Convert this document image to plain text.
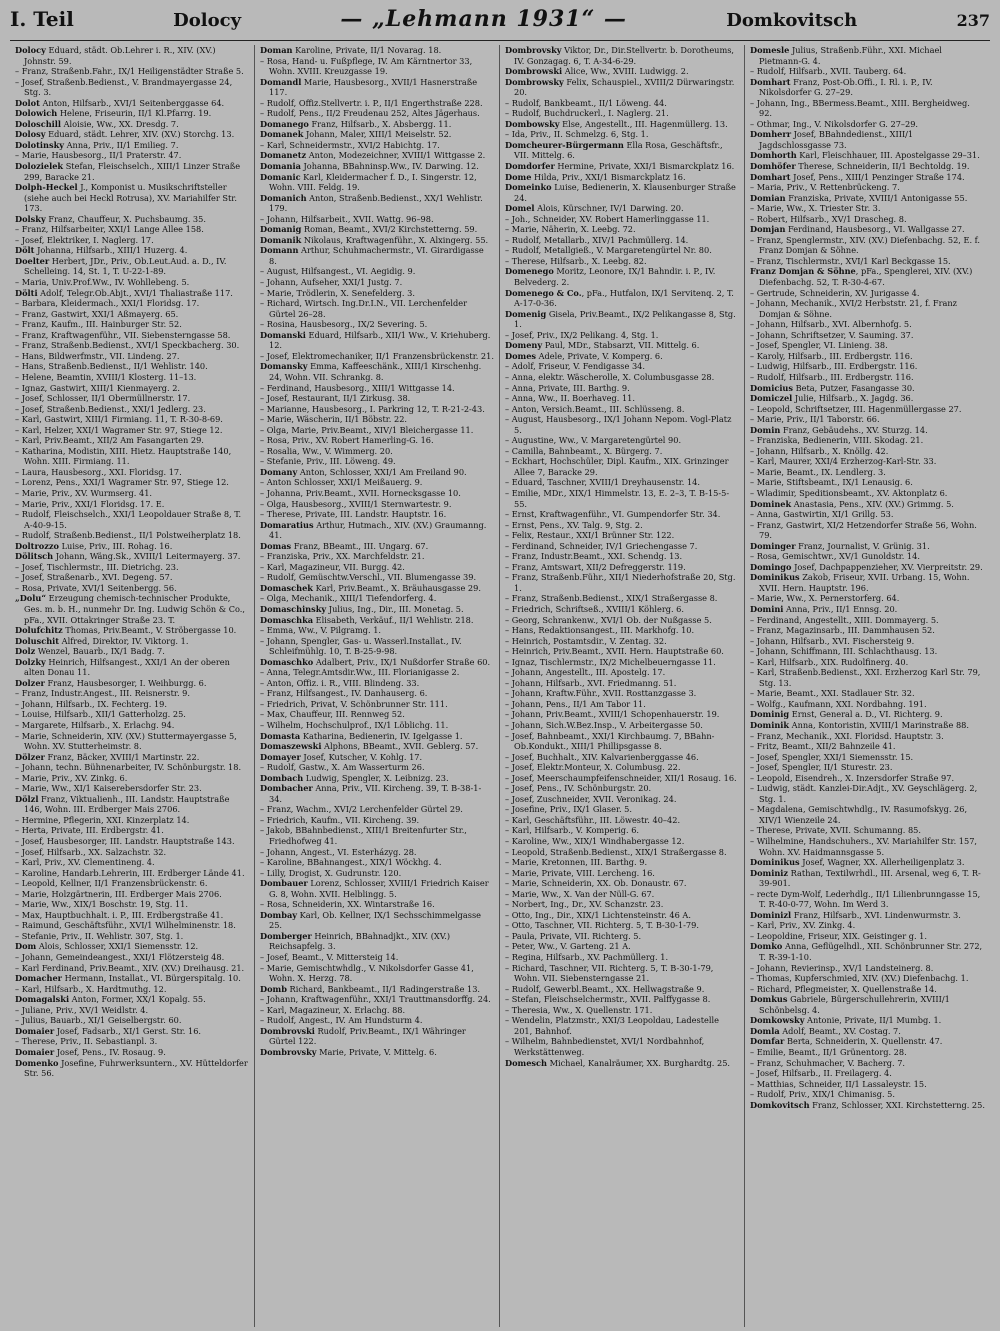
I. Teil	Dolocy	— „Lehmann 1931“ —	Domkovitsch	237

Dolocy Eduard, städt. Ob.Lehrer i. R., XIV. (XV.) Johnstr. 59.

– Franz, Straßenb.Fahr., IX/1 Heiligenstädter Straße 5.

– Josef, Straßenb.Bedienst., V. Brandmayergasse 24, Stg. 3.

Dolot Anton, Hilfsarb., XVI/1 Seitenberggasse 64.

Dolowich Helene, Friseurin, II/1 Kl.Pfarrg. 19.

Doloschill Aloisie, Ww., XX. Dresdg. 7.

Dolosy Eduard, städt. Lehrer, XIV. (XV.) Storchg. 13.

Dolotinsky Anna, Priv., II/1 Emilieg. 7.

– Marie, Hausbesorg., II/1 Praterstr. 47.

Dolozielek Stefan, Fleischselch., XIII/1 Linzer Straße 299, Baracke 21.

Dolph-Heckel J., Komponist u. Musikschriftsteller (siehe auch bei Heckl Rotrusa), XV. Mariahilfer Str. 173.

Dolsky Franz, Chauffeur, X. Puchsbaumg. 35.

– Franz, Hilfsarbeiter, XXI/1 Lange Allee 158.

– Josef, Elektriker, I. Naglerg. 17.

Dölt Johanna, Hilfsarb., XIII/1 Huzerg. 4.

Doelter Herbert, JDr., Priv., Ob.Leut.Aud. a. D., IV. Schelleing. 14, St. 1, T. U-22-1-89.

– Maria, Univ.Prof.Ww., IV. Wohllebeng. 5.

Dölti Adolf, Telegr.Ob.Abjt., XVI/1 Thaliastraße 117.

– Barbara, Kleidermach., XXI/1 Floridsg. 17.

– Franz, Gastwirt, XXI/1 Aßmayerg. 65.

– Franz, Kaufm., III. Hainburger Str. 52.

– Franz, Kraftwagenführ., VII. Siebensterngasse 58.

– Franz, Straßenb.Bedienst., XVI/1 Speckbacherg. 30.

– Hans, Bildwerfmstr., VII. Lindeng. 27.

– Hans, Straßenb.Bedienst., II/1 Wehlistr. 140.

– Helene, Beamtin, XVIII/1 Klosterg. 11–13.

– Ignaz, Gastwirt, XIII/1 Kienmayerg. 2.

– Josef, Schlosser, II/1 Obermüllnerstr. 17.

– Josef, Straßenb.Bedienst., XXI/1 Jedlerg. 23.

– Karl, Gastwirt, XIII/1 Firmiang. 11, T. R-30-8-69.

– Karl, Helzer, XXI/1 Wagramer Str. 97, Stiege 12.

– Karl, Priv.Beamt., XII/2 Am Fasangarten 29.

– Katharina, Modistin, XIII. Hietz. Hauptstraße 140, Wohn. XIII. Firmiang. 11.

– Laura, Hausbesorg., XXI. Floridsg. 17.

– Lorenz, Pens., XXI/1 Wagramer Str. 97, Stiege 12.

– Marie, Priv., XV. Wurmserg. 41.

– Marie, Priv., XXI/1 Floridsg. 17. E.

– Rudolf, Fleischselch., XXI/1 Leopoldauer Straße 8, T. A-40-9-15.

– Rudolf, Straßenb.Bedienst., II/1 Polstweiherplatz 18.

Doltrozzo Luise, Priv., III. Rohag. 16.

Dölitsch Johann, Wäng.Sk., XVIII/1 Leitermayerg. 37.

– Josef, Tischlermstr., III. Dietrichg. 23.

– Josef, Straßenarb., XVI. Degeng. 57.

– Rosa, Private, XVI/1 Seitenbergg. 56.

„Dolu“ Erzeugung chemisch-technischer Produkte, Ges. m. b. H., nunmehr Dr. Ing. Ludwig Schön & Co., pFa., XVII. Ottakringer Straße 23. T.

Dolufchitz Thomas, Priv.Beamt., V. Ströbergasse 10.

Doluschit Alfred, Direktor, IV. Viktorg. 1.

Dolz Wenzel, Bauarb., IX/1 Badg. 7.

Dolzky Heinrich, Hilfsangest., XXI/1 An der oberen alten Donau 11.

Dolzer Franz, Hausbesorger, I. Weihburgg. 6.

– Franz, Industr.Angest., III. Reisnerstr. 9.

– Johann, Hilfsarb., IX. Fechterg. 19.

– Louise, Hilfsarb., XII/1 Gatterholzg. 25.

– Margarete, Hilfsarb., X. Erlachg. 94.

– Marie, Schneiderin, XIV. (XV.) Stuttermayergasse 5, Wohn. XV. Stutterheimstr. 8.

Dölzer Franz, Bäcker, XVIII/1 Martinstr. 22.

– Johann, techn. Bühnenarbeiter, IV. Schönburgstr. 18.

– Marie, Priv., XV. Zinkg. 6.

– Marie, Ww., XI/1 Kaiserebersdorfer Str. 23.

Dölzl Franz, Viktualienh., III. Landstr. Hauptstraße 146, Wohn. III. Erdberger Mais 2706.

– Hermine, Pflegerin, XXI. Kinzerplatz 14.

– Herta, Private, III. Erdbergstr. 41.

– Josef, Hausbesorger, III. Landstr. Hauptstraße 143.

– Josef, Hilfsarb., XX. Salzachstr. 32.

– Karl, Priv., XV. Clementineng. 4.

– Karoline, Handarb.Lehrerin, III. Erdberger Lände 41.

– Leopold, Kellner, II/1 Franzensbrückenstr. 6.

– Marie, Holzgärtnerin, III. Erdberger Mais 2706.

– Marie, Ww., XIX/1 Boschstr. 19, Stg. 11.

– Max, Hauptbuchhalt. i. P., III. Erdbergstraße 41.

– Raimund, Geschäftsführ., XVI/1 Wilhelminenstr. 18.

– Stefanie, Priv., II. Wehlistr. 307, Stg. 1.

Dom Alois, Schlosser, XXI/1 Siemensstr. 12.

– Johann, Gemeindeangest., XXI/1 Flötzersteig 48.

– Karl Ferdinand, Priv.Beamt., XIV. (XV.) Dreihausg. 21.

Domacher Hermann, Installat., VI. Bürgerspitalg. 10.

– Karl, Hilfsarb., X. Hardtmuthg. 12.

Domagalski Anton, Former, XX/1 Kopalg. 55.

– Juliane, Priv., XV/1 Weidlstr. 4.

– Julius, Bauarb., XI/1 Geiselbergstr. 60.

Domaier Josef, Fadsarb., XI/1 Gerst. Str. 16.

– Therese, Priv., II. Sebastianpl. 3.

Domaier Josef, Pens., IV. Rosaug. 9.

Domenko Josefine, Fuhrwerksuntern., XV. Hütteldorfer Str. 56.

Doman Karoline, Private, II/1 Novarag. 18.

– Rosa, Hand- u. Fußpflege, IV. Am Kärntnertor 33, Wohn. XVIII. Kreuzgasse 19.

Domandl Marie, Hausbesorg., XVII/1 Hasnerstraße 117.

– Rudolf, Offiz.Stellvertr. i. P., II/1 Engerthstraße 228.

– Rudolf, Pens., II/2 Freudenau 252, Altes Jägerhaus.

Domanego Franz, Hilfsarb., X. Absbergg. 11.

Domanek Johann, Maler, XIII/1 Meiselstr. 52.

– Karl, Schneidermstr., XVI/2 Habichtg. 17.

Domanetz Anton, Modezeichner, XVIII/1 Wittgasse 2.

Domania Johanna, BBahninsp.Ww., IV. Darwing. 12.

Domanic Karl, Kleidermacher f. D., I. Singerstr. 12, Wohn. VIII. Feldg. 19.

Domanich Anton, Straßenb.Bedienst., XX/1 Wehlistr. 179.

– Johann, Hilfsarbeit., XVII. Wattg. 96–98.

Domanig Roman, Beamt., XVI/2 Kirchstetterng. 59.

Domanik Nikolaus, Kraftwagenführ., X. Alxingerg. 55.

Domann Arthur, Schuhmachermstr., VI. Girardigasse 8.

– August, Hilfsangest., VI. Aegidig. 9.

– Johann, Aufseher, XXI/1 Justg. 7.

– Marie, Trödlerin, X. Senefelderg. 3.

– Richard, Wirtsch. Ing.Dr.I.N., VII. Lerchenfelder Gürtel 26–28.

– Rosina, Hausbesorg., IX/2 Severing. 5.

Domanski Eduard, Hilfsarb., XII/1 Ww., V. Kriehuberg. 12.

– Josef, Elektromechaniker, II/1 Franzensbrückenstr. 21.

Domansky Emma, Kaffeeschänk., XIII/1 Kirschenhg. 24, Wohn. VII. Schrankg. 8.

– Ferdinand, Hausbesorg., XIII/1 Wittgasse 14.

– Josef, Restaurant, II/1 Zirkusg. 38.

– Marianne, Hausbesorg., I. Parkring 12, T. R-21-2-43.

– Marie, Wäscherin, II/1 Böbstr. 22.

– Olga, Marie, Priv.Beamt., XIV/1 Bleichergasse 11.

– Rosa, Priv., XV. Robert Hamerling-G. 16.

– Rosalia, Ww., V. Wimmerg. 20.

– Stefanie, Priv., III. Löweng. 49.

Domany Anton, Schlosser, XXI/1 Am Freiland 90.

– Anton Schlosser, XXI/1 Meißauerg. 9.

– Johanna, Priv.Beamt., XVII. Hornecksgasse 10.

– Olga, Hausbesorg., XVIII/1 Sternwartestr. 9.

– Therese, Private, III. Landstr. Hauptstr. 16.

Domaratius Arthur, Hutmach., XIV. (XV.) Graumanng. 41.

Domas Franz, BBeamt., III. Ungarg. 67.

– Franziska, Priv., XX. Marchfeldstr. 21.

– Karl, Magazineur, VII. Burgg. 42.

– Rudolf, Gemüschtw.Verschl., VII. Blumengasse 39.

Domaschek Karl, Priv.Beamt., X. Bräuhausgasse 29.

– Olga, Mechanik., XIII/1 Tiefendorferg. 4.

Domaschinsky Julius, Ing., Dir., III. Monetag. 5.

Domaschka Elisabeth, Verkäuf., II/1 Wehlistr. 218.

– Emma, Ww., V. Pilgramg. 1.

– Johann, Spengler, Gas- u. Wasserl.Installat., IV. Schleifmühlg. 10, T. B-25-9-98.

Domaschko Adalbert, Priv., IX/1 Nußdorfer Straße 60.

– Anna, Telegr.Amtsdir.Ww., III. Florianigasse 2.

– Anton, Offiz. i. R., VIII. Blindeng. 33.

– Franz, Hilfsangest., IV. Danhauserg. 6.

– Friedrich, Privat, V. Schönbrunner Str. 111.

– Max, Chauffeur, III. Rennweg 52.

– Wilhelm, Hochschulprof., IX/1 Löblichg. 11.

Domasta Katharina, Bedienerin, IV. Igelgasse 1.

Domaszewski Alphons, BBeamt., XVII. Geblerg. 57.

Domayer Josef, Kutscher, V. Kohlg. 17.

– Rudolf, Gastw., X. Am Wasserturm 26.

Dombach Ludwig, Spengler, X. Leibnizg. 23.

Dombacher Anna, Priv., VII. Kircheng. 39, T. B-38-1-34.

– Franz, Wachm., XVI/2 Lerchenfelder Gürtel 29.

– Friedrich, Kaufm., VII. Kircheng. 39.

– Jakob, BBahnbedienst., XIII/1 Breitenfurter Str., Friedhofweg 41.

– Johann, Angest., VI. Esterházyg. 28.

– Karoline, BBahnangest., XIX/1 Wöckhg. 4.

– Lilly, Drogist, X. Gudrunstr. 120.

Dombauer Lorenz, Schlosser, XVIII/1 Friedrich Kaiser G. 8, Wohn. XVII. Helblingg. 5.

– Rosa, Schneiderin, XX. Wintarstraße 16.

Dombay Karl, Ob. Kellner, IX/1 Sechsschimmelgasse 25.

Domberger Heinrich, BBahnadjkt., XIV. (XV.) Reichsapfelg. 3.

– Josef, Beamt., V. Mittersteig 14.

– Marie, Gemischtwhdlg., V. Nikolsdorfer Gasse 41, Wohn. X. Herzg. 78.

Domb Richard, Bankbeamt., II/1 Radingerstraße 13.

– Johann, Kraftwagenführ., XXI/1 Trauttmansdorffg. 24.

– Karl, Magazineur, X. Erlachg. 88.

– Rudolf, Angest., IV. Am Hundsturm 4.

Dombrovski Rudolf, Priv.Beamt., IX/1 Währinger Gürtel 122.

Dombrovsky Marie, Private, V. Mittelg. 6.

Dombrovsky Viktor, Dr., Dir.Stellvertr. b. Dorotheums, IV. Gonzagag. 6, T. A-34-6-29.

Dombrowski Alice, Ww., XVIII. Ludwigg. 2.

Dombrowsky Felix, Schauspiel., XVIII/2 Dürwaringstr. 20.

– Rudolf, Bankbeamt., II/1 Löweng. 44.

– Rudolf, Buchdruckerl., I. Naglerg. 21.

Dombowsky Else, Angestellt., III. Hagenmüllerg. 13.

– Ida, Priv., II. Schmelzg. 6, Stg. 1.

Domcheurer-Bürgermann Ella Rosa, Geschäftsfr., VII. Mittelg. 6.

Domdorfer Hermine, Private, XXI/1 Bismarckplatz 16.

Dome Hilda, Priv., XXI/1 Bismarckplatz 16.

Domeinko Luise, Bedienerin, X. Klausenburger Straße 24.

Domel Alois, Kürschner, IV/1 Darwing. 20.

– Joh., Schneider, XV. Robert Hamerlinggasse 11.

– Marie, Näherin, X. Leebg. 72.

– Rudolf, Metallarb., XIV/1 Pachmüllerg. 14.

– Rudolf, Metallgieß., V. Margaretengürtel Nr. 80.

– Therese, Hilfsarb., X. Leebg. 82.

Domenego Moritz, Leonore, IX/1 Bahndir. i. P., IV. Belvederg. 2.

Domenego & Co., pFa., Hutfalon, IX/1 Servitenq. 2, T. A-17-0-36.

Domenig Gisela, Priv.Beamt., IX/2 Pelikangasse 8, Stg. 1.

– Josef, Priv., IX/2 Pelikang. 4, Stg. 1.

Domeny Paul, MDr., Stabsarzt, VII. Mittelg. 6.

Domes Adele, Private, V. Komperg. 6.

– Adolf, Friseur, V. Fendigasse 34.

– Anna, elektr. Wäscherolle, X. Columbusgasse 28.

– Anna, Private, III. Barthg. 9.

– Anna, Ww., II. Boerhaveg. 11.

– Anton, Versich.Beamt., III. Schlüsseng. 8.

– August, Hausbesorg., IX/1 Johann Nepom. Vogl-Platz 5.

– Augustine, Ww., V. Margaretengürtel 90.

– Camilla, Bahnbeamt., X. Bürgerg. 7.

– Eckhart, Hochschüler, Dipl. Kaufm., XIX. Grinzinger Allee 7, Baracke 29.

– Eduard, Taschner, XVIII/1 Dreyhausenstr. 14.

– Emilie, MDr., XIX/1 Himmelstr. 13, E. 2–3, T. B-15-5-55.

– Ernst, Kraftwagenführ., VI. Gumpendorfer Str. 34.

– Ernst, Pens., XV. Talg. 9, Stg. 2.

– Felix, Restaur., XXI/1 Brünner Str. 122.

– Ferdinand, Schneider, IV/1 Griechengasse 7.

– Franz, Industr.Beamt., XXI. Schendg. 13.

– Franz, Amtswart, XII/2 Defreggerstr. 119.

– Franz, Straßenb.Führ., XII/1 Niederhofstraße 20, Stg. 1.

– Franz, Straßenb.Bedienst., XIX/1 Straßergasse 8.

– Friedrich, Schriftseß., XVIII/1 Köhlerg. 6.

– Georg, Schrankenw., XVI/1 Ob. der Nußgasse 5.

– Hans, Redaktionsangest., III. Markhofg. 10.

– Heinrich, Postamtsdir., V. Zentag. 32.

– Heinrich, Priv.Beamt., XVII. Hern. Hauptstraße 60.

– Ignaz, Tischlermstr., IX/2 Michelbeuerngasse 11.

– Johann, Angestellt., III. Apostelg. 17.

– Johann, Hilfsarb., XVI. Friedmanng. 51.

– Johann, Kraftw.Führ., XVII. Rosttanzgasse 3.

– Johann, Pens., II/1 Am Tabor 11.

– Johann, Priv.Beamt., XVIII/1 Schopenhauerstr. 19.

– Johann, Sich.W.Bez.Insp., V. Arbeitergasse 50.

– Josef, Bahnbeamt., XXI/1 Kirchbaumg. 7, BBahn-Ob.Kondukt., XIII/1 Phillipsgasse 8.

– Josef, Buchhalt., XIV. Kalvarienberggasse 46.

– Josef, Elektr.Monteur, X. Columbusg. 22.

– Josef, Meerschaumpfeifenschneider, XII/1 Rosaug. 16.

– Josef, Pens., IV. Schönburgstr. 20.

– Josef, Zuschneider, XVII. Veronikag. 24.

– Josefine, Priv., IX/1 Glaser. 5.

– Karl, Geschäftsführ., III. Löwestr. 40–42.

– Karl, Hilfsarb., V. Komperig. 6.

– Karoline, Ww., XIX/1 Windhabergasse 12.

– Leopold, Straßenb.Bedienst., XIX/1 Straßergasse 8.

– Marie, Kretonnen, III. Barthg. 9.

– Marie, Private, VIII. Lercheng. 16.

– Marie, Schneiderin, XX. Ob. Donaustr. 67.

– Marie, Ww., X. Van der Nüll-G. 67.

– Norbert, Ing., Dr., XV. Schanzstr. 23.

– Otto, Ing., Dir., XIX/1 Lichtensteinstr. 46 A.

– Otto, Taschner, VII. Richterg. 5, T. B-30-1-79.

– Paula, Private, VII. Richterg. 5.

– Peter, Ww., V. Garteng. 21 A.

– Regina, Hilfsarb., XV. Pachmüllerg. 1.

– Richard, Taschner, VII. Richterg. 5, T. B-30-1-79, Wohn. VII. Siebensterngasse 21.

– Rudolf, Gewerbl.Beamt., XX. Hellwagstraße 9.

– Stefan, Fleischselchermstr., XVII. Palffygasse 8.

– Theresia, Ww., X. Quellenstr. 171.

– Wendelin, Platzmstr., XXI/3 Leopoldau, Ladestelle 201, Bahnhof.

– Wilhelm, Bahnbedienstet, XVI/1 Nordbahnhof, Werkstättenweg.

Domesch Michael, Kanalräumer, XX. Burghardtg. 25.

Domesle Julius, Straßenb.Führ., XXI. Michael Pietmann-G. 4.

– Rudolf, Hilfsarb., XVII. Tauberg. 64.

Domhart Franz, Post-Ob.Offi., I. Rl. i. P., IV. Nikolsdorfer G. 27–29.

– Johann, Ing., BBermess.Beamt., XIII. Bergheidweg. 92.

– Othmar, Ing., V. Nikolsdorfer G. 27–29.

Domherr Josef, BBahndedienst., XIII/1 Jagdschlossgasse 73.

Domhorth Karl, Fleischhauer, III. Apostelgasse 29–31.

Domhöfer Therese, Schneiderin, II/1 Bechtoldg. 19.

Domhart Josef, Pens., XIII/1 Penzinger Straße 174.

– Maria, Priv., V. Rettenbrückeng. 7.

Domian Franziska, Private, XVIII/1 Antonigasse 55.

– Marie, Ww., X. Triester Str. 3.

– Robert, Hilfsarb., XV/1 Drascheg. 8.

Domjan Ferdinand, Hausbesorg., VI. Wallgasse 27.

– Franz, Spenglermstr., XIV. (XV.) Diefenbachg. 52, E. f. Franz Domjan & Söhne.

– Franz, Tischlermstr., XVI/1 Karl Beckgasse 15.

Franz Domjan & Söhne, pFa., Spenglerei, XIV. (XV.) Diefenbachg. 52, T. R-30-4-67.

– Gertrude, Schneiderin, XV. Jurigasse 4.

– Johann, Mechanik., XVI/2 Herbststr. 21, f. Franz Domjan & Söhne.

– Johann, Hilfsarb., XVI. Albernhofg. 5.

– Johann, Schriftsetzer, V. Sauming. 37.

– Josef, Spengler, VI. Linieng. 38.

– Karoly, Hilfsarb., III. Erdbergstr. 116.

– Ludwig, Hilfsarb., III. Erdbergstr. 116.

– Rudolf, Hilfsarb., III. Erdbergstr. 116.

Domicius Beta, Putzer, Fasangasse 30.

Domiczel Julie, Hilfsarb., X. Jagdg. 36.

– Leopold, Schriftsetzer, III. Hagenmüllergasse 27.

– Marie, Priv., II/1 Taborstr. 66.

Domin Franz, Gebäudehs., XV. Sturzg. 14.

– Franziska, Bedienerin, VIII. Skodag. 21.

– Johann, Hilfsarb., X. Knöllg. 42.

– Karl, Maurer, XXI/4 Erzherzog-Karl-Str. 33.

– Marie, Beamt., IX. Lendlerg. 3.

– Marie, Stiftsbeamt., IX/1 Lenausig. 6.

– Wladimir, Speditionsbeamt., XV. Aktonplatz 6.

Dominek Anastasia, Pens., XIV. (XV.) Grimmg. 5.

– Anna, Gastwirtin, XI/1 Grillg. 53.

– Franz, Gastwirt, XI/2 Hetzendorfer Straße 56, Wohn. 79.

Dominger Franz, Journalist, V. Grünig. 31.

– Rosa, Gemischtwr., XV/1 Gunoldstr. 14.

Domingo Josef, Dachpappenzieher, XV. Vierpreitstr. 29.

Dominikus Zakob, Friseur, XVII. Urbang. 15, Wohn. XVII. Hern. Hauptstr. 196.

– Marie, Ww., X. Pernerstorferg. 64.

Domini Anna, Priv., II/1 Ennsg. 20.

– Ferdinand, Angestellt., XIII. Dommayerg. 5.

– Franz, Magazinsarb., III. Dammhausen 52.

– Johann, Hilfsarb., XVI. Fischersteig 9.

– Johann, Schiffmann, III. Schlachthausg. 13.

– Karl, Hilfsarb., XIX. Rudolfinerg. 40.

– Karl, Straßenb.Bedienst., XXI. Erzherzog Karl Str. 79, Stg. 13.

– Marie, Beamt., XXI. Stadlauer Str. 32.

– Wolfg., Kaufmann, XXI. Nordbahng. 191.

Dominig Ernst, General a. D., VI. Richterg. 9.

Dominik Anna, Kontoristin, XVIII/1 Marinstraße 88.

– Franz, Mechanik., XXI. Floridsd. Hauptstr. 3.

– Fritz, Beamt., XII/2 Bahnzeile 41.

– Josef, Spengler, XXI/1 Siemensstr. 15.

– Josef, Spengler, II/1 Sturestr. 23.

– Leopold, Eisendreh., X. Inzersdorfer Straße 97.

– Ludwig, städt. Kanzlei-Dir.Adjt., XV. Geyschlägerg. 2, Stg. 1.

– Magdalena, Gemischtwhdlg., IV. Rasumofskyg. 26, XIV/1 Wienzeile 24.

– Therese, Private, XVII. Schumanng. 85.

– Wilhelmine, Handschuhers., XV. Mariahilfer Str. 157, Wohn. XV. Haidmannsgasse 5.

Dominikus Josef, Wagner, XX. Allerheiligenplatz 3.

Dominiz Rathan, Textilwrhdl., III. Arsenal, weg 6, T. R-39-901.

– recte Dym-Wolf, Lederhdlg., II/1 Lilienbrunngasse 15, T. R-40-0-77, Wohn. Im Werd 3.

Dominizl Franz, Hilfsarb., XVI. Lindenwurmstr. 3.

– Karl, Priv., XV. Zinkg. 4.

– Leopoldine, Friseur, XIX. Geistinger g. 1.

Domko Anna, Geflügelhdl., XII. Schönbrunner Str. 272, T. R-39-1-10.

– Johann, Revierinsp., XV/1 Landsteinerg. 8.

– Thomas, Kupferschmied, XIV. (XV.) Diefenbachg. 1.

– Richard, Pflegmeister, X. Quellenstraße 14.

Domkus Gabriele, Bürgerschullehrerin, XVIII/1 Schönbelsg. 4.

Domkowsky Antonie, Private, II/1 Mumbg. 1.

Domla Adolf, Beamt., XV. Costag. 7.

Domfar Berta, Schneiderin, X. Quellenstr. 47.

– Emilie, Beamt., II/1 Grünentorg. 28.

– Franz, Schuhmacher, V. Bacherg. 7.

– Josef, Hilfsarb., II. Freilagerg. 4.

– Matthias, Schneider, II/1 Lassaleystr. 15.

– Rudolf, Priv., XIX/1 Chimanisg. 5.

Domkovitsch Franz, Schlosser, XXI. Kirchstetterng. 25.
